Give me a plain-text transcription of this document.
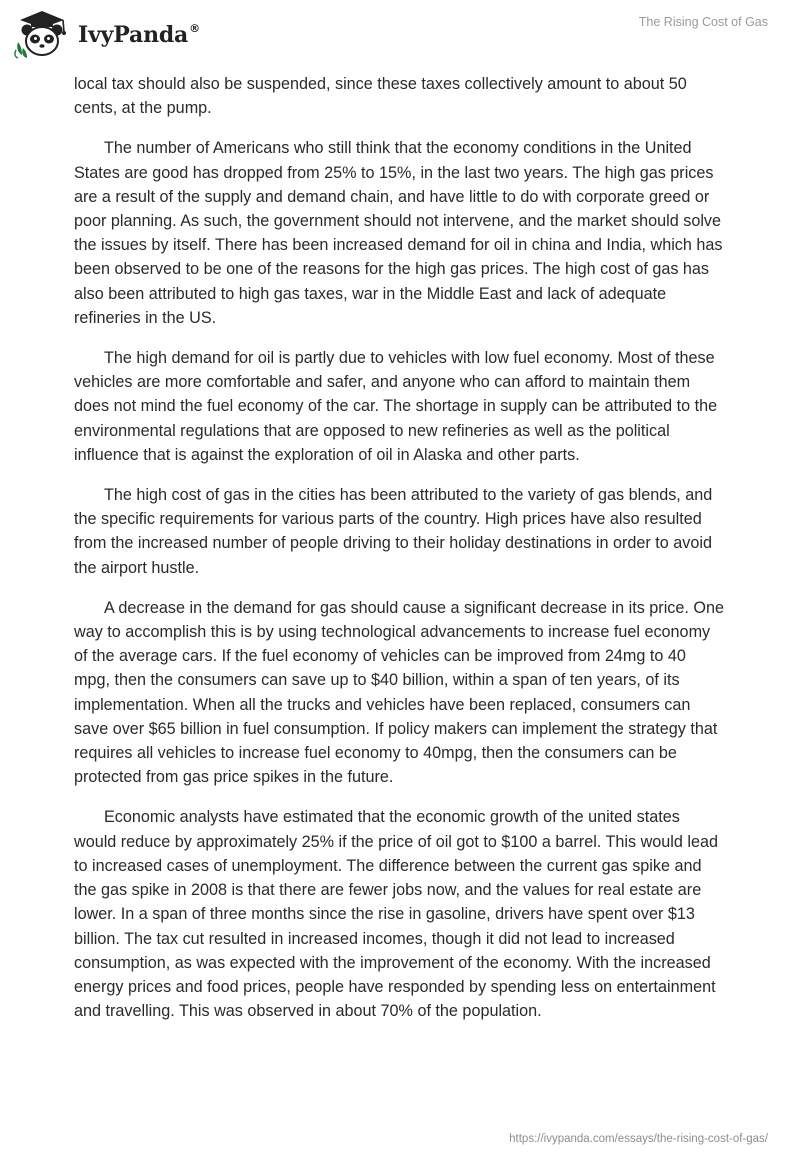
IvyPanda®	The Rising Cost of Gas

local tax should also be suspended, since these taxes collectively amount to about 50 cents, at the pump.

The number of Americans who still think that the economy conditions in the United States are good has dropped from 25% to 15%, in the last two years. The high gas prices are a result of the supply and demand chain, and have little to do with corporate greed or poor planning. As such, the government should not intervene, and the market should solve the issues by itself. There has been increased demand for oil in china and India, which has been observed to be one of the reasons for the high gas prices. The high cost of gas has also been attributed to high gas taxes, war in the Middle East and lack of adequate refineries in the US.

The high demand for oil is partly due to vehicles with low fuel economy. Most of these vehicles are more comfortable and safer, and anyone who can afford to maintain them does not mind the fuel economy of the car. The shortage in supply can be attributed to the environmental regulations that are opposed to new refineries as well as the political influence that is against the exploration of oil in Alaska and other parts.

The high cost of gas in the cities has been attributed to the variety of gas blends, and the specific requirements for various parts of the country. High prices have also resulted from the increased number of people driving to their holiday destinations in order to avoid the airport hustle.

A decrease in the demand for gas should cause a significant decrease in its price. One way to accomplish this is by using technological advancements to increase fuel economy of the average cars. If the fuel economy of vehicles can be improved from 24mg to 40 mpg, then the consumers can save up to $40 billion, within a span of ten years, of its implementation. When all the trucks and vehicles have been replaced, consumers can save over $65 billion in fuel consumption. If policy makers can implement the strategy that requires all vehicles to increase fuel economy to 40mpg, then the consumers can be protected from gas price spikes in the future.

Economic analysts have estimated that the economic growth of the united states would reduce by approximately 25% if the price of oil got to $100 a barrel. This would lead to increased cases of unemployment. The difference between the current gas spike and the gas spike in 2008 is that there are fewer jobs now, and the values for real estate are lower. In a span of three months since the rise in gasoline, drivers have spent over $13 billion. The tax cut resulted in increased incomes, though it did not lead to increased consumption, as was expected with the improvement of the economy. With the increased energy prices and food prices, people have responded by spending less on entertainment and travelling. This was observed in about 70% of the population.

https://ivypanda.com/essays/the-rising-cost-of-gas/
